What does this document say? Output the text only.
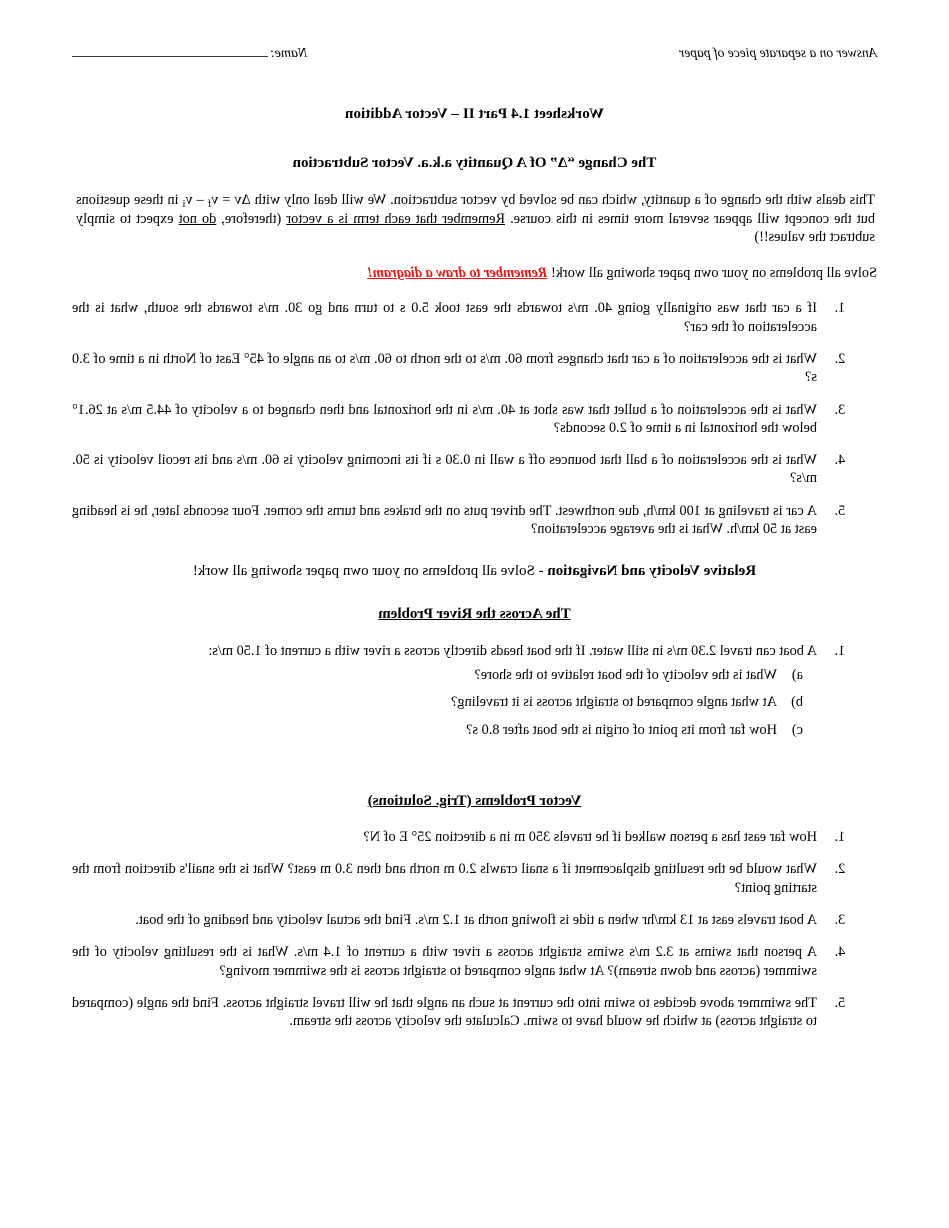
Answer on a separate piece of paper
Name:
Worksheet 1.4 Part II – Vector Addition
The Change “Δ” Of A Quantity a.k.a. Vector Subtraction

This deals with the change of a quantity, which can be solved by vector subtraction. We will deal only with $\Delta v = v_f - v_i$ in these questions but the concept will appear several more times in this course. Remember that each term is a vector (therefore, do not expect to simply subtract the values!!)

Solve all problems on your own paper showing all work! Remember to draw a diagram!

1. If a car that was originally going 40. m/s towards the east took 5.0 s to turn and go 30. m/s towards the south, what is the acceleration of the car?
2. What is the acceleration of a car that changes from 60. m/s to the north to 60. m/s to an angle of 45° East of North in a time of 3.0 s?
3. What is the acceleration of a bullet that was shot at 40. m/s in the horizontal and then changed to a velocity of 44.5 m/s at 26.1° below the horizontal in a time of 2.0 seconds?
4. What is the acceleration of a ball that bounces off a wall in 0.30 s if its incoming velocity is 60. m/s and its recoil velocity is 50. m/s?
5. A car is traveling at 100 km/h, due northwest. The driver puts on the brakes and turns the corner. Four seconds later, he is heading east at 50 km/h. What is the average acceleration?
Relative Velocity and Navigation - Solve all problems on your own paper showing all work!
The Across the River Problem
1. A boat can travel 2.30 m/s in still water. If the boat heads directly across a river with a current of 1.50 m/s:
What is the velocity of the boat relative to the shore?
At what angle compared to straight across is it traveling?
How far from its point of origin is the boat after 8.0 s?
Vector Problems (Trig. Solutions)
1. How far east has a person walked if he travels 350 m in a direction 25° E of N?
2. What would be the resulting displacement if a snail crawls 2.0 m north and then 3.0 m east? What is the snail's direction from the starting point?
3. A boat travels east at 13 km/hr when a tide is flowing north at 1.2 m/s. Find the actual velocity and heading of the boat.
4. A person that swims at 3.2 m/s swims straight across a river with a current of 1.4 m/s. What is the resulting velocity of the swimmer (across and down stream)? At what angle compared to straight across is the swimmer moving?
5. The swimmer above decides to swim into the current at such an angle that he will travel straight across. Find the angle (compared to straight across) at which he would have to swim. Calculate the velocity across the stream.
